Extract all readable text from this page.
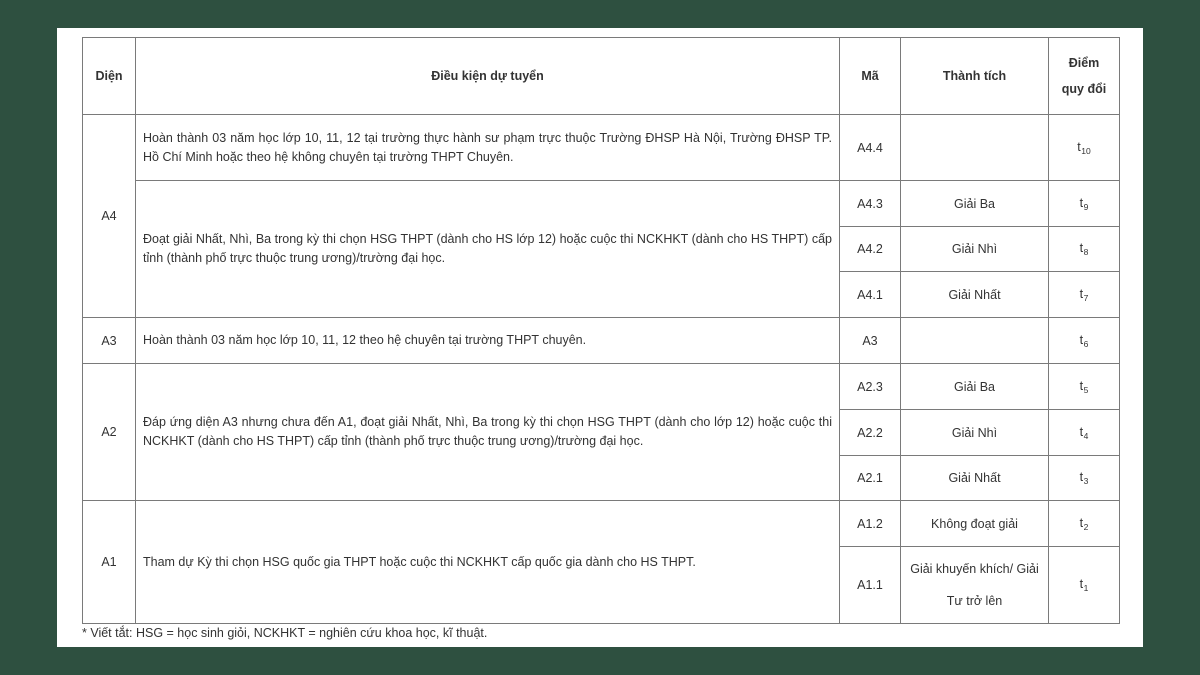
Diện	Điều kiện dự tuyển	Mã	Thành tích	Điểm
quy đổi
A4	Hoàn thành 03 năm học lớp 10, 11, 12 tại trường thực hành sư phạm trực thuộc Trường ĐHSP Hà Nội, Trường ĐHSP TP. Hồ Chí Minh hoặc theo hệ không chuyên tại trường THPT Chuyên.	A4.4		$t_{10}$
	Đoạt giải Nhất, Nhì, Ba trong kỳ thi chọn HSG THPT (dành cho HS lớp 12) hoặc cuộc thi NCKHKT (dành cho HS THPT) cấp tỉnh (thành phố trực thuộc trung ương)/trường đại học.	A4.3	Giải Ba	$t_9$
		A4.2	Giải Nhì	$t_8$
		A4.1	Giải Nhất	$t_7$
A3	Hoàn thành 03 năm học lớp 10, 11, 12 theo hệ chuyên tại trường THPT chuyên.	A3		$t_6$
A2	Đáp ứng diện A3 nhưng chưa đến A1, đoạt giải Nhất, Nhì, Ba trong kỳ thi chọn HSG THPT (dành cho lớp 12) hoặc cuộc thi NCKHKT (dành cho HS THPT) cấp tỉnh (thành phố trực thuộc trung ương)/trường đại học.	A2.3	Giải Ba	$t_5$
		A2.2	Giải Nhì	$t_4$
		A2.1	Giải Nhất	$t_3$
A1	Tham dự Kỳ thi chọn HSG quốc gia THPT hoặc cuộc thi NCKHKT cấp quốc gia dành cho HS THPT.	A1.2	Không đoạt giải	$t_2$
		A1.1	Giải khuyến khích/ Giải Tư trở lên	$t_1$
* Viết tắt: HSG = học sinh giỏi, NCKHKT = nghiên cứu khoa học, kĩ thuật.
